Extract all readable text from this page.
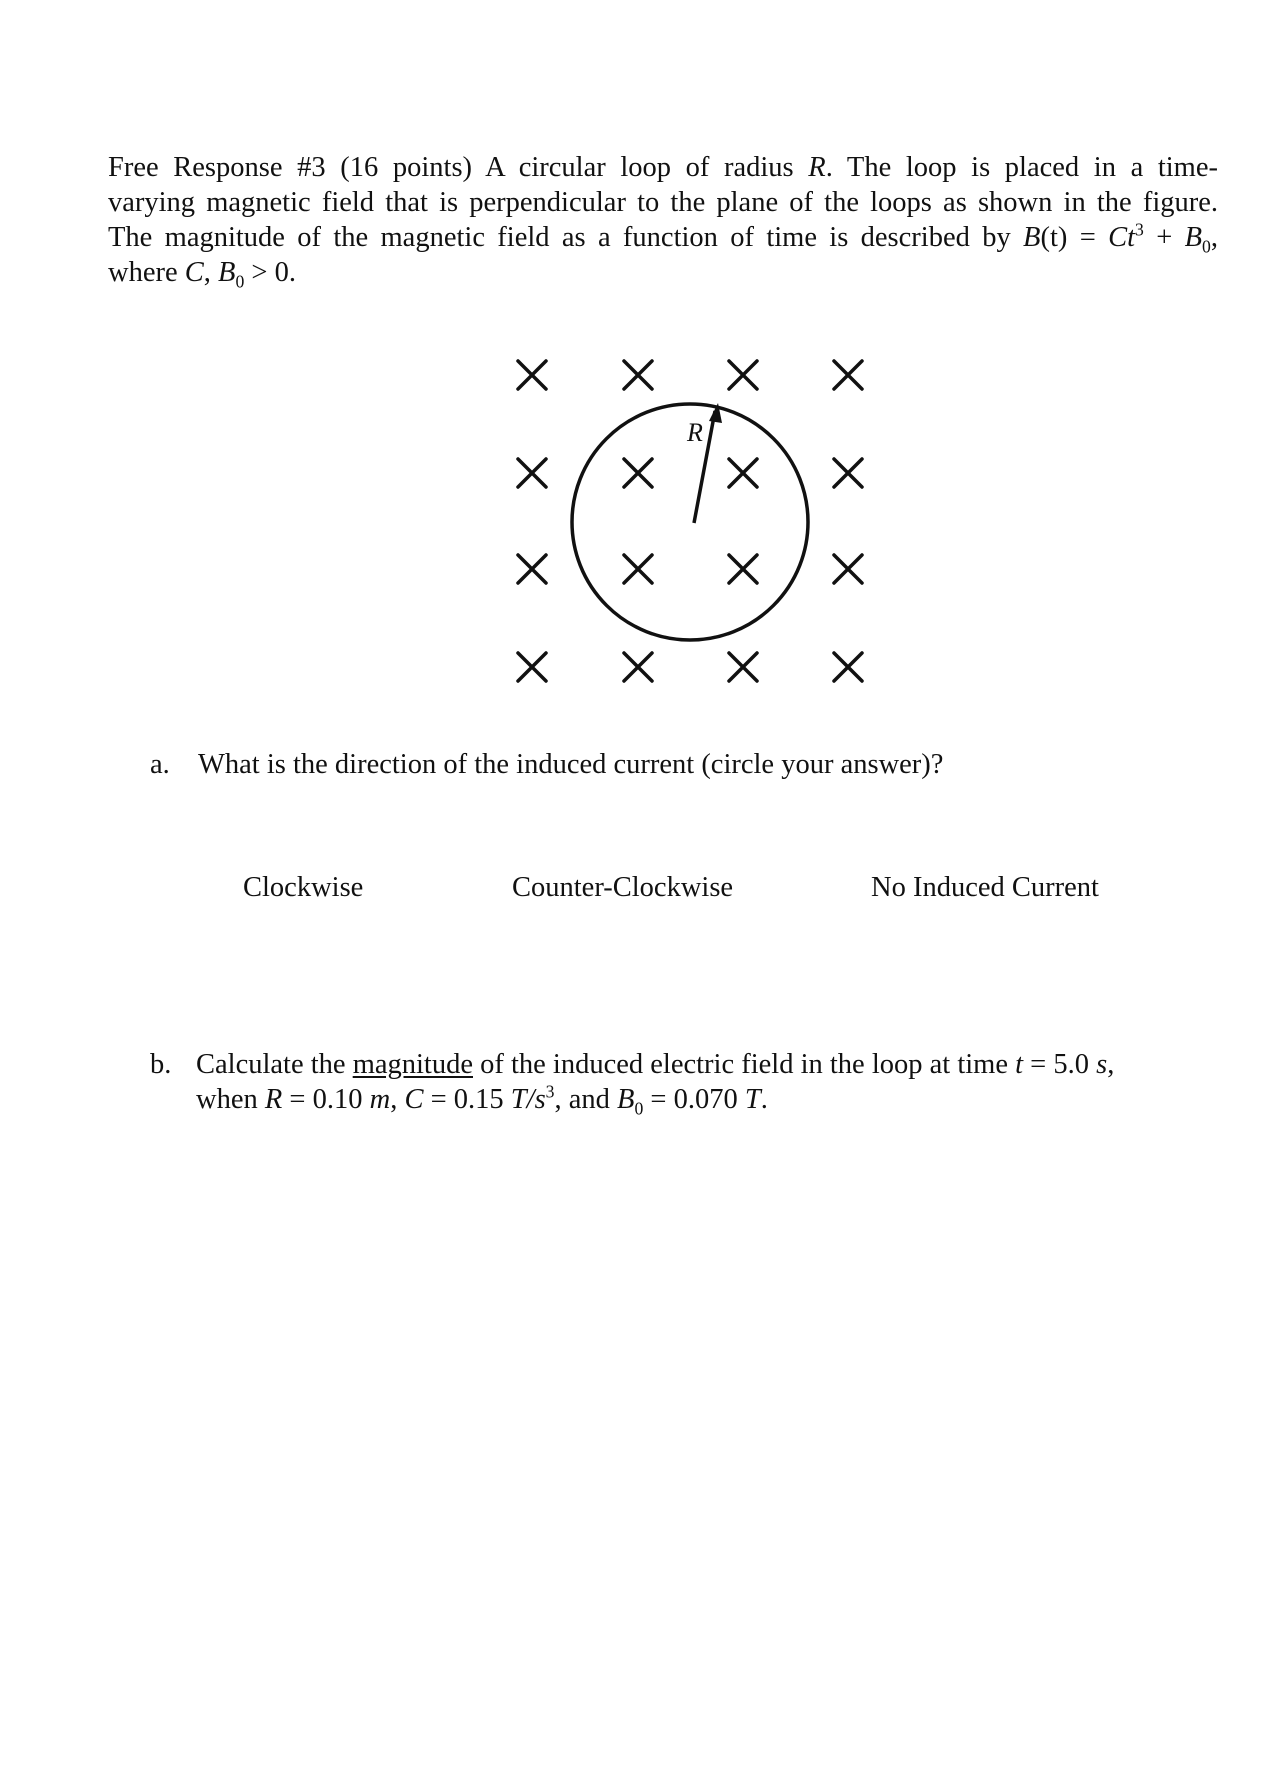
Free Response #3 (16 points) A circular loop of radius R. The loop is placed in a time-
varying magnetic field that is perpendicular to the plane of the loops as shown in the figure.
The magnitude of the magnetic field as a function of time is described by $B(t) = Ct^3 + B_0$,
where C, $B_0 > 0$.
R
a. What is the direction of the induced current (circle your answer)?
Clockwise	Counter-Clockwise	No Induced Current
b. Calculate the magnitude of the induced electric field in the loop at time t = 5.0 s,
when R = 0.10 m, C = 0.15 $T/s^3$, and $B_0 = 0.070$ T.
